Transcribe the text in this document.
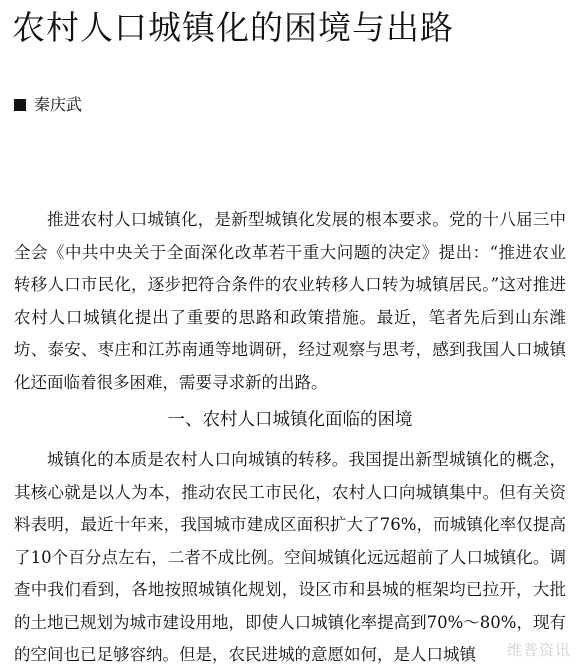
农村人口城镇化的困境与出路
秦庆武

推进农村人口城镇化，是新型城镇化发展的根本要求。党的十八届三中全会《中共中央关于全面深化改革若干重大问题的决定》提出：“推进农业转移人口市民化，逐步把符合条件的农业转移人口转为城镇居民。”这对推进农村人口城镇化提出了重要的思路和政策措施。最近，笔者先后到山东潍坊、泰安、枣庄和江苏南通等地调研，经过观察与思考，感到我国人口城镇化还面临着很多困难，需要寻求新的出路。

一、农村人口城镇化面临的困境

城镇化的本质是农村人口向城镇的转移。我国提出新型城镇化的概念，其核心就是以人为本，推动农民工市民化，农村人口向城镇集中。但有关资料表明，最近十年来，我国城市建成区面积扩大了76%，而城镇化率仅提高了10个百分点左右，二者不成比例。空间城镇化远远超前了人口城镇化。调查中我们看到，各地按照城镇化规划，设区市和县城的框架均已拉开，大批的土地已规划为城市建设用地，即使人口城镇化率提高到70%～80%，现有的空间也已足够容纳。但是，农民进城的意愿如何，是人口城镇	维普资讯
